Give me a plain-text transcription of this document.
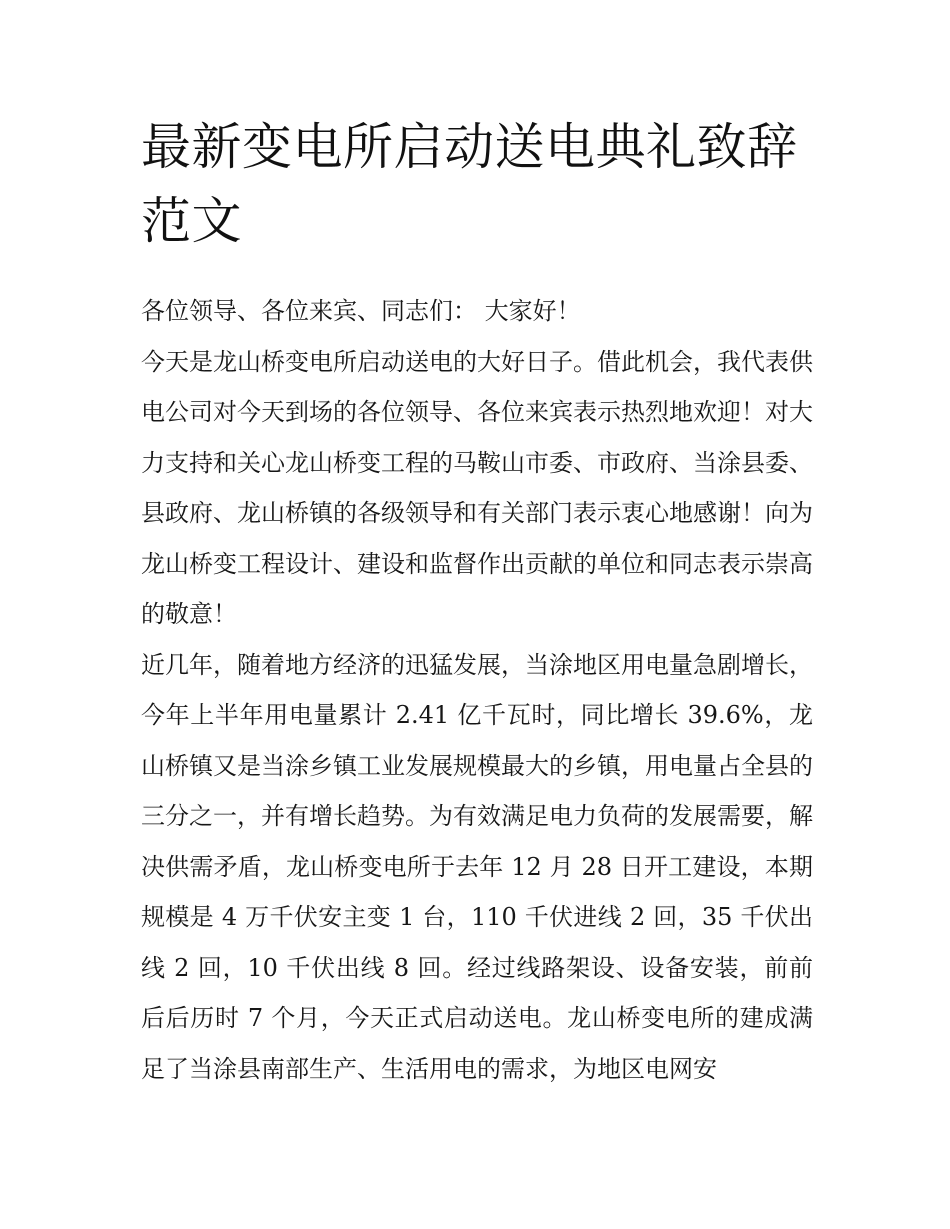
最新变电所启动送电典礼致辞范文

各位领导、各位来宾、同志们： 大家好！

今天是龙山桥变电所启动送电的大好日子。借此机会，我代表供电公司对今天到场的各位领导、各位来宾表示热烈地欢迎！对大力支持和关心龙山桥变工程的马鞍山市委、市政府、当涂县委、县政府、龙山桥镇的各级领导和有关部门表示衷心地感谢！向为龙山桥变工程设计、建设和监督作出贡献的单位和同志表示崇高的敬意！

近几年，随着地方经济的迅猛发展，当涂地区用电量急剧增长，今年上半年用电量累计 2.41 亿千瓦时，同比增长 39.6%，龙山桥镇又是当涂乡镇工业发展规模最大的乡镇，用电量占全县的三分之一，并有增长趋势。为有效满足电力负荷的发展需要，解决供需矛盾，龙山桥变电所于去年 12 月 28 日开工建设，本期规模是 4 万千伏安主变 1 台，110 千伏进线 2 回，35 千伏出线 2 回，10 千伏出线 8 回。经过线路架设、设备安装，前前后后历时 7 个月，今天正式启动送电。龙山桥变电所的建成满足了当涂县南部生产、生活用电的需求，为地区电网安
